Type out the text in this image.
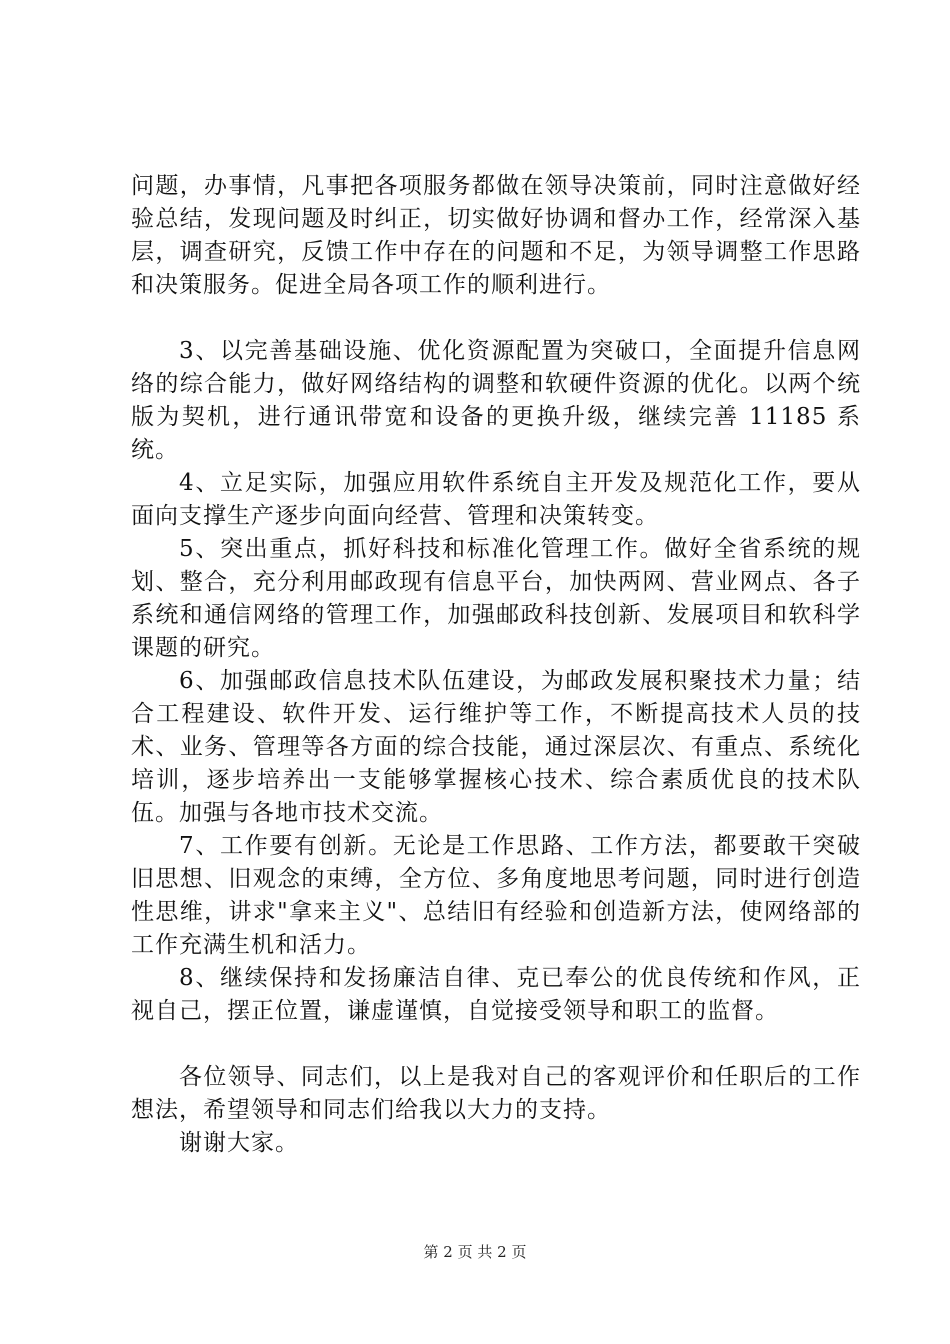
问题，办事情，凡事把各项服务都做在领导决策前，同时注意做好经验总结，发现问题及时纠正，切实做好协调和督办工作，经常深入基层，调查研究，反馈工作中存在的问题和不足，为领导调整工作思路和决策服务。促进全局各项工作的顺利进行。

3、以完善基础设施、优化资源配置为突破口，全面提升信息网络的综合能力，做好网络结构的调整和软硬件资源的优化。以两个统版为契机，进行通讯带宽和设备的更换升级，继续完善 11185 系统。

4、立足实际，加强应用软件系统自主开发及规范化工作，要从面向支撑生产逐步向面向经营、管理和决策转变。

5、突出重点，抓好科技和标准化管理工作。做好全省系统的规划、整合，充分利用邮政现有信息平台，加快两网、营业网点、各子系统和通信网络的管理工作，加强邮政科技创新、发展项目和软科学课题的研究。

6、加强邮政信息技术队伍建设，为邮政发展积聚技术力量；结合工程建设、软件开发、运行维护等工作，不断提高技术人员的技术、业务、管理等各方面的综合技能，通过深层次、有重点、系统化培训，逐步培养出一支能够掌握核心技术、综合素质优良的技术队伍。加强与各地市技术交流。

7、工作要有创新。无论是工作思路、工作方法，都要敢干突破旧思想、旧观念的束缚，全方位、多角度地思考问题，同时进行创造性思维，讲求"拿来主义"、总结旧有经验和创造新方法，使网络部的工作充满生机和活力。

8、继续保持和发扬廉洁自律、克已奉公的优良传统和作风，正视自己，摆正位置，谦虚谨慎，自觉接受领导和职工的监督。

各位领导、同志们，以上是我对自己的客观评价和任职后的工作想法，希望领导和同志们给我以大力的支持。

谢谢大家。

第 2 页 共 2 页
